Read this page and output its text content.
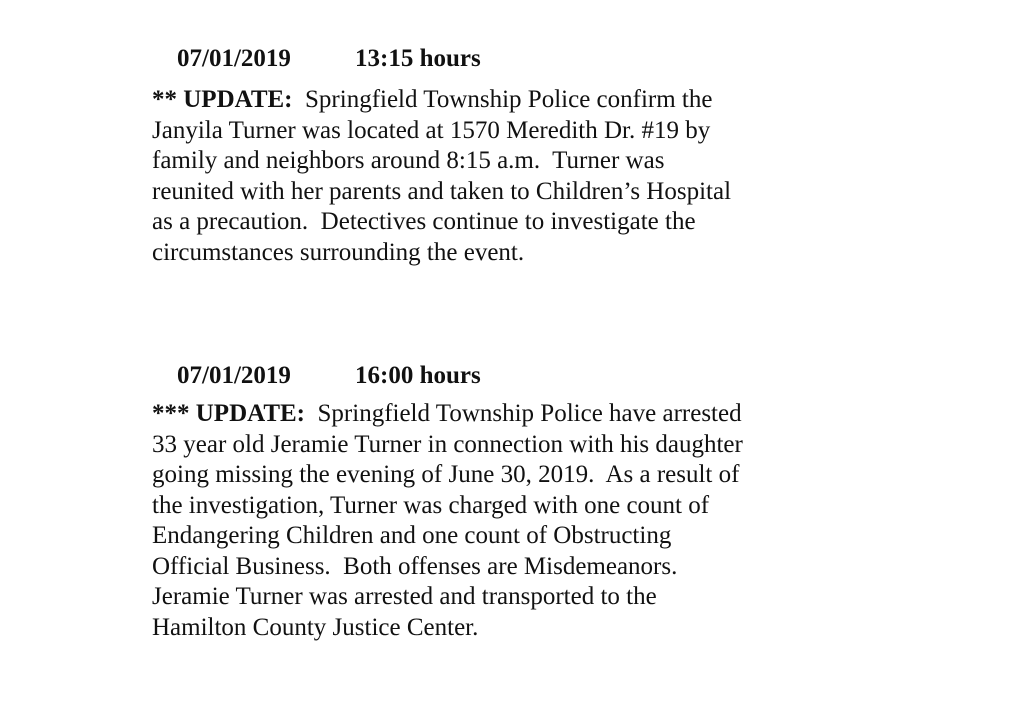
07/01/2019	13:15 hours

** UPDATE: Springfield Township Police confirm the
Janyila Turner was located at 1570 Meredith Dr. #19 by
family and neighbors around 8:15 a.m.  Turner was
reunited with her parents and taken to Children’s Hospital
as a precaution.  Detectives continue to investigate the
circumstances surrounding the event.

07/01/2019	16:00 hours

*** UPDATE: Springfield Township Police have arrested
33 year old Jeramie Turner in connection with his daughter
going missing the evening of June 30, 2019.  As a result of
the investigation, Turner was charged with one count of
Endangering Children and one count of Obstructing
Official Business.  Both offenses are Misdemeanors.
Jeramie Turner was arrested and transported to the
Hamilton County Justice Center.
